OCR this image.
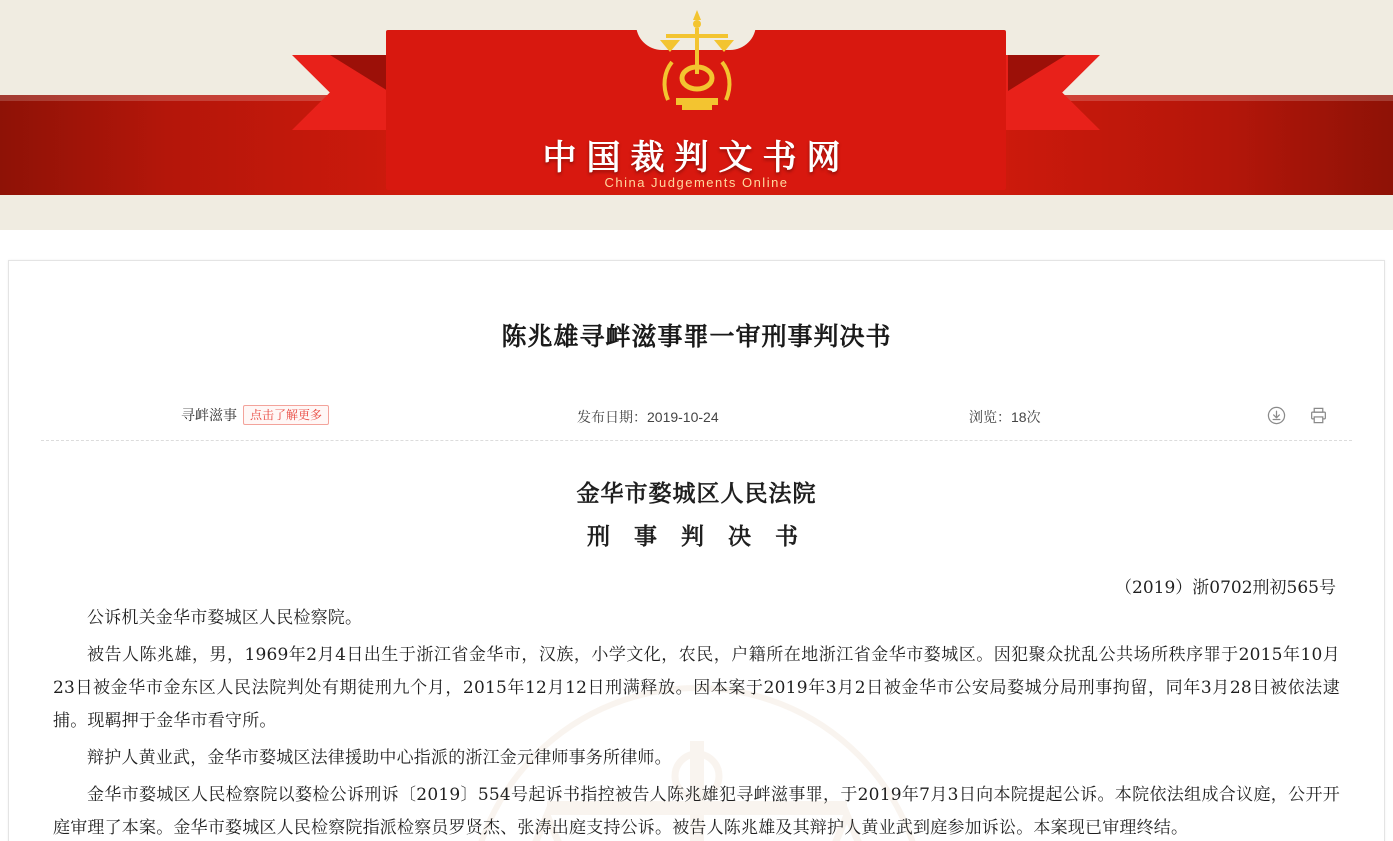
中国裁判文书网
China Judgements Online
陈兆雄寻衅滋事罪一审刑事判决书
寻衅滋事	点击了解更多	发布日期：2019-10-24	浏览：18次
金华市婺城区人民法院
刑 事 判 决 书
（2019）浙0702刑初565号

公诉机关金华市婺城区人民检察院。

被告人陈兆雄，男，1969年2月4日出生于浙江省金华市，汉族，小学文化，农民，户籍所在地浙江省金华市婺城区。因犯聚众扰乱公共场所秩序罪于2015年10月23日被金华市金东区人民法院判处有期徒刑九个月，2015年12月12日刑满释放。因本案于2019年3月2日被金华市公安局婺城分局刑事拘留，同年3月28日被依法逮捕。现羁押于金华市看守所。

辩护人黄业武，金华市婺城区法律援助中心指派的浙江金元律师事务所律师。

金华市婺城区人民检察院以婺检公诉刑诉〔2019〕554号起诉书指控被告人陈兆雄犯寻衅滋事罪，于2019年7月3日向本院提起公诉。本院依法组成合议庭，公开开庭审理了本案。金华市婺城区人民检察院指派检察员罗贤杰、张涛出庭支持公诉。被告人陈兆雄及其辩护人黄业武到庭参加诉讼。本案现已审理终结。
